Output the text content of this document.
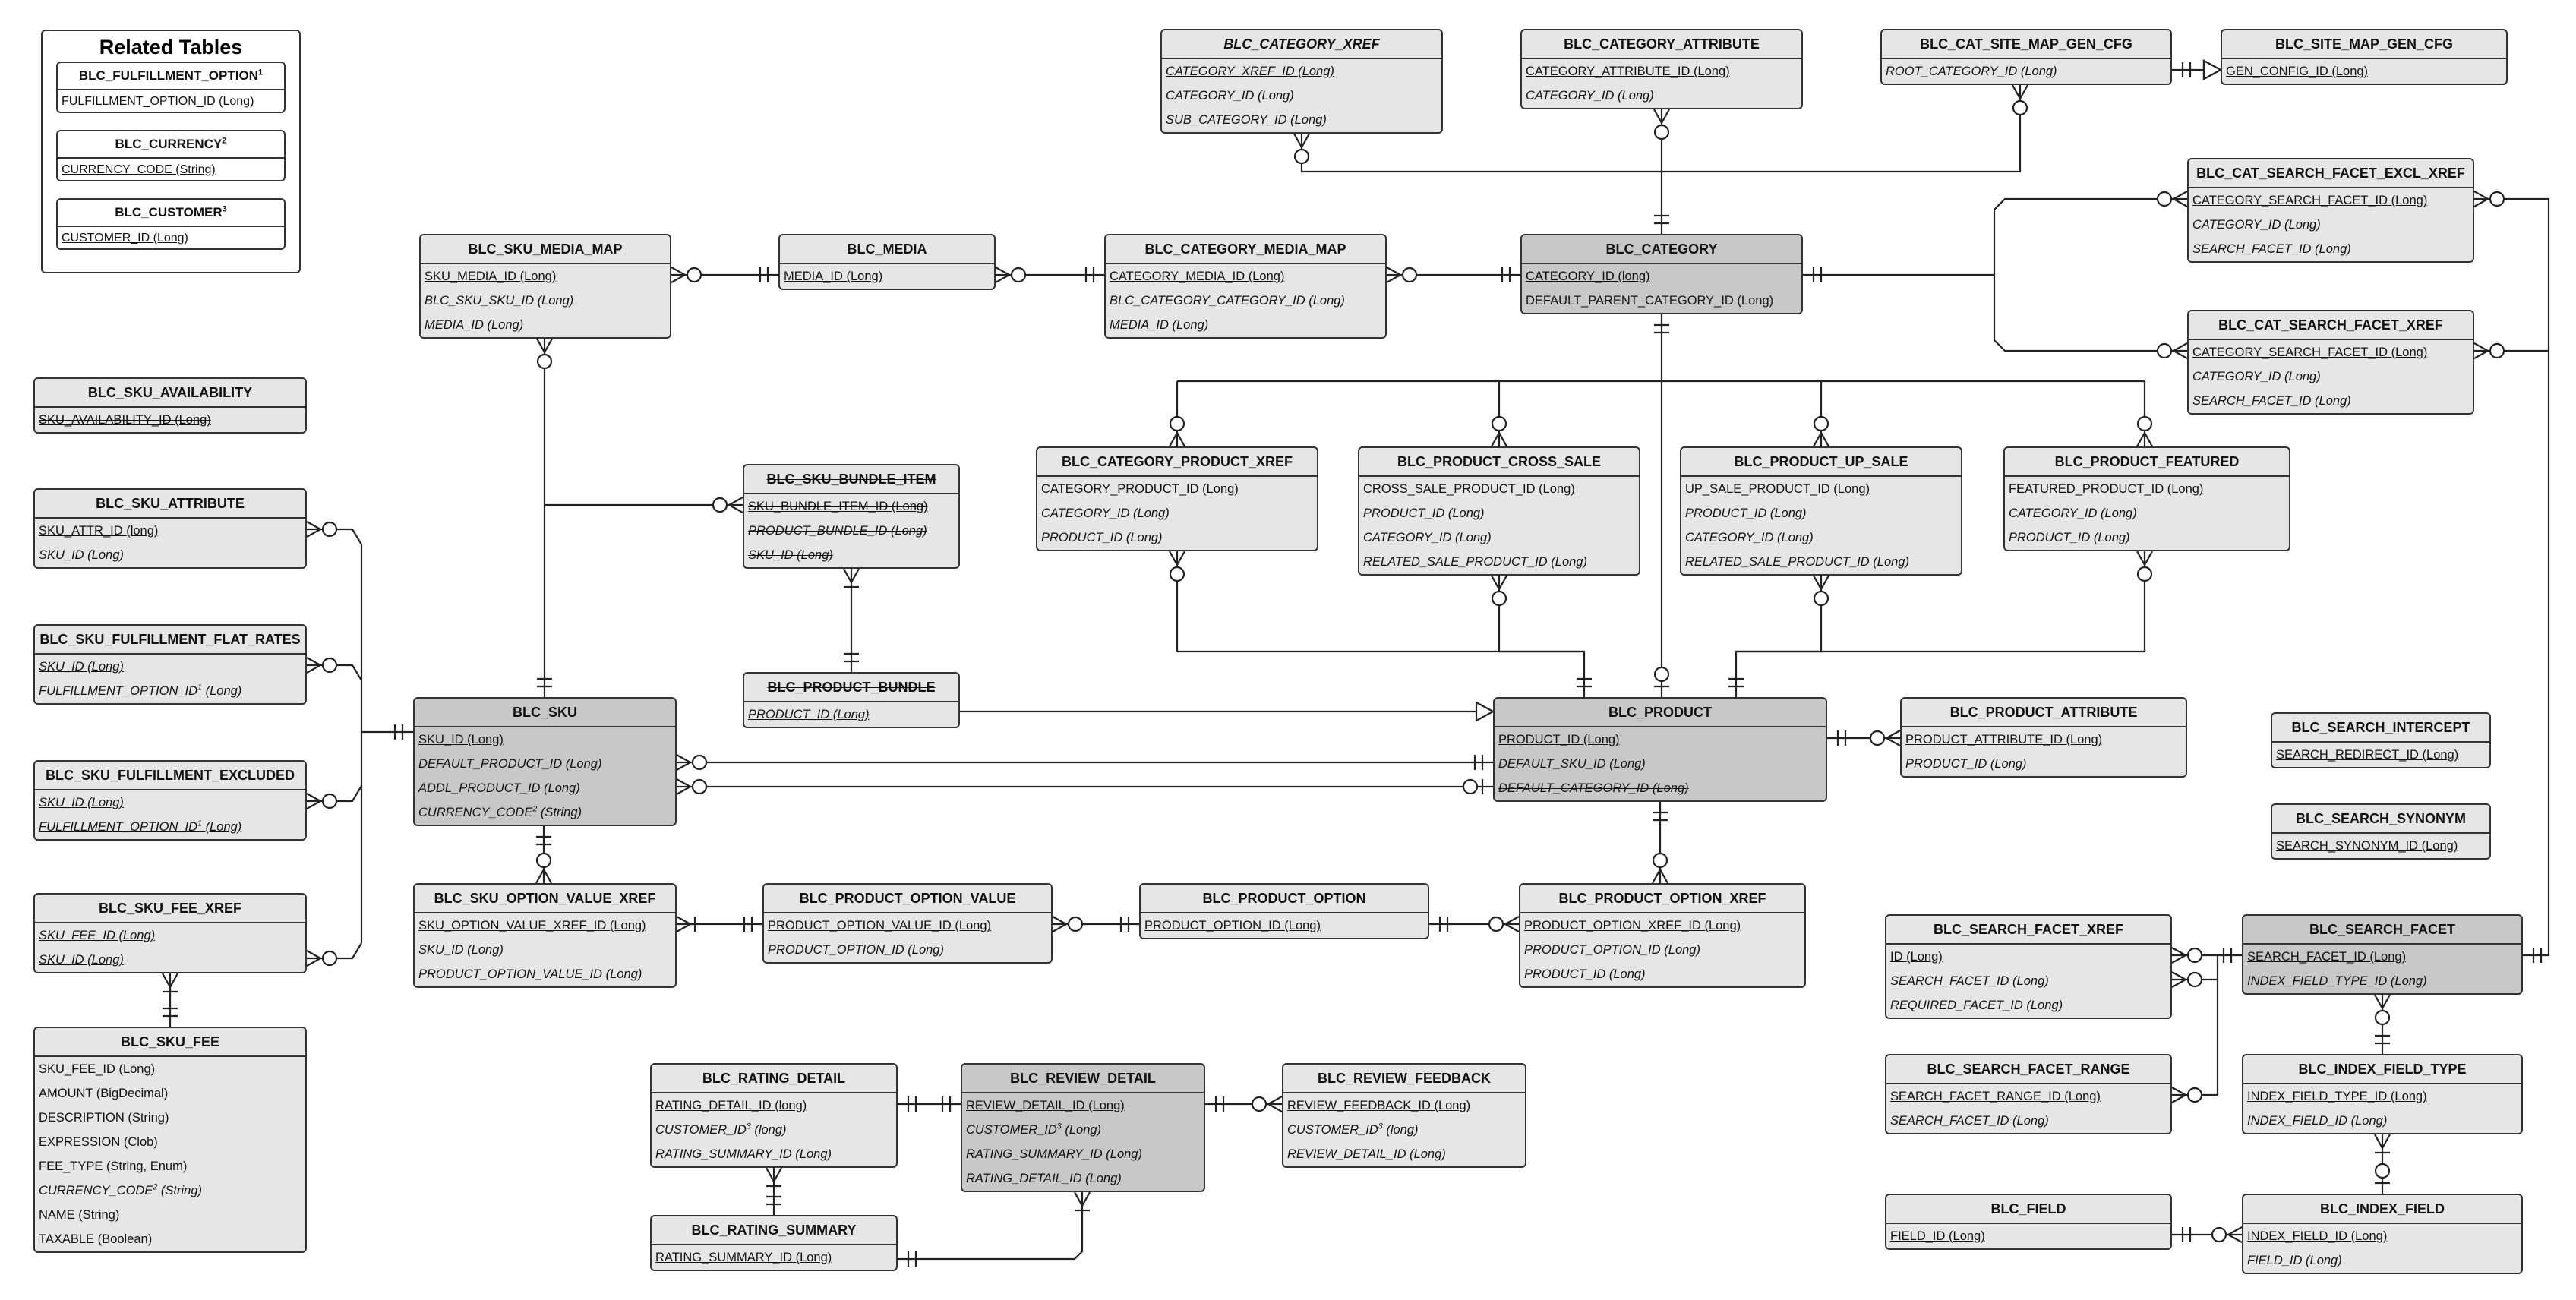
Related Tables
BLC_FULFILLMENT_OPTION$^1$
FULFILLMENT_OPTION_ID (Long)
BLC_CURRENCY$^2$
CURRENCY_CODE (String)
BLC_CUSTOMER$^3$
CUSTOMER_ID (Long)
BLC_SKU_AVAILABILITY
SKU_AVAILABILITY_ID (Long)
BLC_SKU_ATTRIBUTE
SKU_ATTR_ID (long)
SKU_ID (Long)
BLC_SKU_FULFILLMENT_FLAT_RATES
SKU_ID (Long)
$FULFILLMENT\_OPTION\_ID^1$ (Long)
BLC_SKU_FULFILLMENT_EXCLUDED
SKU_ID (Long)
$FULFILLMENT\_OPTION\_ID^1$ (Long)
BLC_SKU_FEE_XREF
SKU_FEE_ID (Long)
SKU_ID (Long)
BLC_SKU_FEE
SKU_FEE_ID (Long)
AMOUNT (BigDecimal)
DESCRIPTION (String)
EXPRESSION (Clob)
FEE_TYPE (String, Enum)
CURRENCY_CODE$^2$ (String)
NAME (String)
TAXABLE (Boolean)
BLC_SKU_MEDIA_MAP
SKU_MEDIA_ID (Long)
BLC_SKU_SKU_ID (Long)
MEDIA_ID (Long)
BLC_MEDIA
MEDIA_ID (Long)
BLC_CATEGORY_MEDIA_MAP
CATEGORY_MEDIA_ID (Long)
BLC_CATEGORY_CATEGORY_ID (Long)
MEDIA_ID (Long)
BLC_CATEGORY
CATEGORY_ID (long)
DEFAULT_PARENT_CATEGORY_ID (Long)
BLC_CATEGORY_XREF
CATEGORY_XREF_ID (Long)
CATEGORY_ID (Long)
SUB_CATEGORY_ID (Long)
BLC_CATEGORY_ATTRIBUTE
CATEGORY_ATTRIBUTE_ID (Long)
CATEGORY_ID (Long)
BLC_CAT_SITE_MAP_GEN_CFG
ROOT_CATEGORY_ID (Long)
BLC_SITE_MAP_GEN_CFG
GEN_CONFIG_ID (Long)
BLC_CAT_SEARCH_FACET_EXCL_XREF
CATEGORY_SEARCH_FACET_ID (Long)
CATEGORY_ID (Long)
SEARCH_FACET_ID (Long)
BLC_CAT_SEARCH_FACET_XREF
CATEGORY_SEARCH_FACET_ID (Long)
CATEGORY_ID (Long)
SEARCH_FACET_ID (Long)
BLC_SKU_BUNDLE_ITEM
SKU_BUNDLE_ITEM_ID (Long)
PRODUCT_BUNDLE_ID (Long)
SKU_ID (Long)
BLC_PRODUCT_BUNDLE
PRODUCT_ID (Long)
BLC_CATEGORY_PRODUCT_XREF
CATEGORY_PRODUCT_ID (Long)
CATEGORY_ID (Long)
PRODUCT_ID (Long)
BLC_PRODUCT_CROSS_SALE
CROSS_SALE_PRODUCT_ID (Long)
PRODUCT_ID (Long)
CATEGORY_ID (Long)
RELATED_SALE_PRODUCT_ID (Long)
BLC_PRODUCT_UP_SALE
UP_SALE_PRODUCT_ID (Long)
PRODUCT_ID (Long)
CATEGORY_ID (Long)
RELATED_SALE_PRODUCT_ID (Long)
BLC_PRODUCT_FEATURED
FEATURED_PRODUCT_ID (Long)
CATEGORY_ID (Long)
PRODUCT_ID (Long)
BLC_SKU
SKU_ID (Long)
DEFAULT_PRODUCT_ID (Long)
ADDL_PRODUCT_ID (Long)
CURRENCY_CODE$^2$ (String)
BLC_PRODUCT
PRODUCT_ID (Long)
DEFAULT_SKU_ID (Long)
DEFAULT_CATEGORY_ID (Long)
BLC_PRODUCT_ATTRIBUTE
PRODUCT_ATTRIBUTE_ID (Long)
PRODUCT_ID (Long)
BLC_SEARCH_INTERCEPT
SEARCH_REDIRECT_ID (Long)
BLC_SEARCH_SYNONYM
SEARCH_SYNONYM_ID (Long)
BLC_SKU_OPTION_VALUE_XREF
SKU_OPTION_VALUE_XREF_ID (Long)
SKU_ID (Long)
PRODUCT_OPTION_VALUE_ID (Long)
BLC_PRODUCT_OPTION_VALUE
PRODUCT_OPTION_VALUE_ID (Long)
PRODUCT_OPTION_ID (Long)
BLC_PRODUCT_OPTION
PRODUCT_OPTION_ID (Long)
BLC_PRODUCT_OPTION_XREF
PRODUCT_OPTION_XREF_ID (Long)
PRODUCT_OPTION_ID (Long)
PRODUCT_ID (Long)
BLC_SEARCH_FACET_XREF
ID (Long)
SEARCH_FACET_ID (Long)
REQUIRED_FACET_ID (Long)
BLC_SEARCH_FACET
SEARCH_FACET_ID (Long)
INDEX_FIELD_TYPE_ID (Long)
BLC_SEARCH_FACET_RANGE
SEARCH_FACET_RANGE_ID (Long)
SEARCH_FACET_ID (Long)
BLC_INDEX_FIELD_TYPE
INDEX_FIELD_TYPE_ID (Long)
INDEX_FIELD_ID (Long)
BLC_FIELD
FIELD_ID (Long)
BLC_INDEX_FIELD
INDEX_FIELD_ID (Long)
FIELD_ID (Long)
BLC_RATING_DETAIL
RATING_DETAIL_ID (long)
$CUSTOMER\_ID^3$ (long)
RATING_SUMMARY_ID (Long)
BLC_REVIEW_DETAIL
REVIEW_DETAIL_ID (Long)
$CUSTOMER\_ID^3$ (Long)
RATING_SUMMARY_ID (Long)
RATING_DETAIL_ID (Long)
BLC_REVIEW_FEEDBACK
REVIEW_FEEDBACK_ID (Long)
$CUSTOMER\_ID^3$ (long)
REVIEW_DETAIL_ID (Long)
BLC_RATING_SUMMARY
RATING_SUMMARY_ID (Long)
